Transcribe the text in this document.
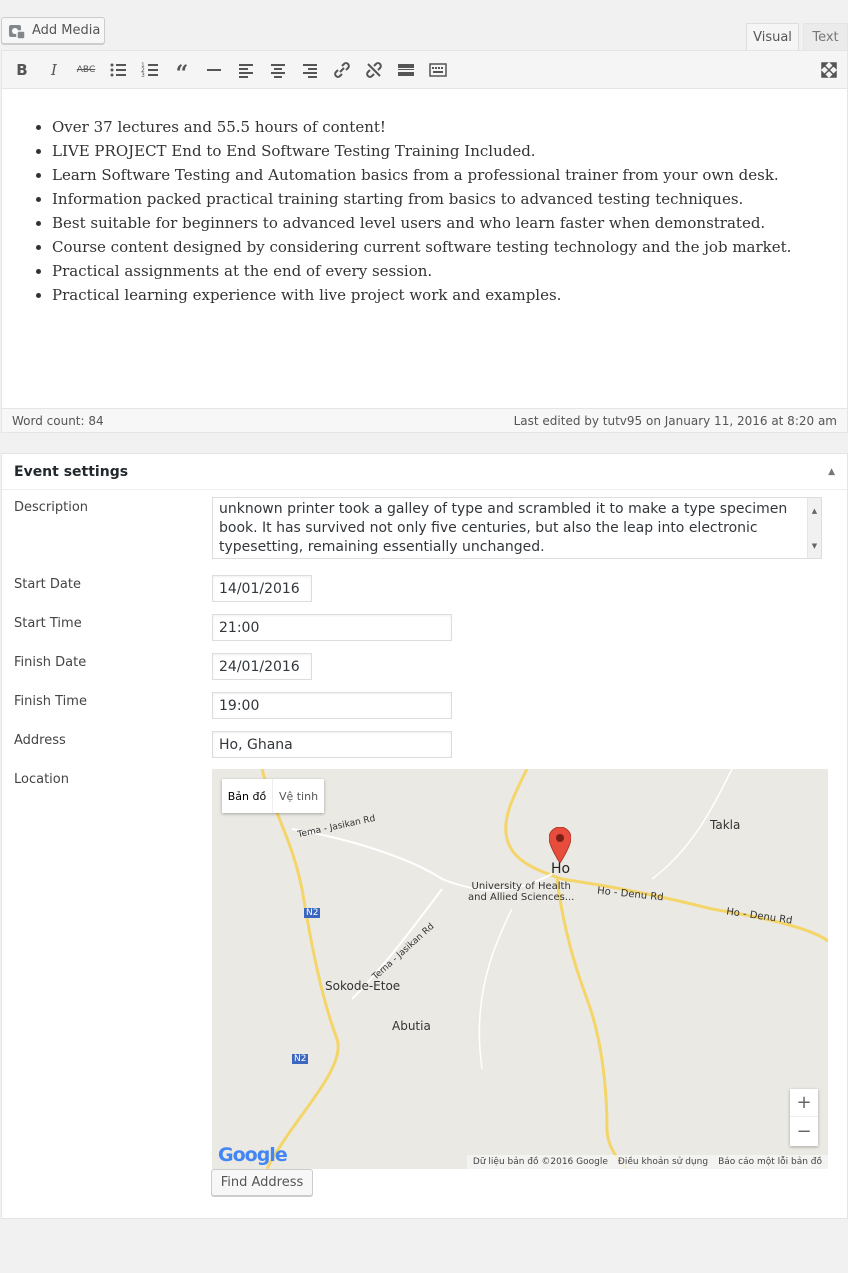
Add Media	Visual	Text
B	I	ABC	1
2
3 “
• Over 37 lectures and 55.5 hours of content!
• LIVE PROJECT End to End Software Testing Training Included.
• Learn Software Testing and Automation basics from a professional trainer from your own desk.
• Information packed practical training starting from basics to advanced testing techniques.
• Best suitable for beginners to advanced level users and who learn faster when demonstrated.
• Course content designed by considering current software testing technology and the job market.
• Practical assignments at the end of every session.
• Practical learning experience with live project work and examples.
Word count: 84	Last edited by tutv95 on January 11, 2016 at 8:20 am
Event settings	▲
Description	unknown printer took a galley of type and scrambled it to make a type specimen book. It has survived not only five centuries, but also the leap into electronic typesetting, remaining essentially unchanged.
▲
▼
Start Date	14/01/2016
Start Time	21:00
Finish Date	24/01/2016
Finish Time	19:00
Address	Ho, Ghana
Location
Bản đồ	Vệ tinh
Takla
Ho
University of Health
and Allied Sciences... Ho - Denu Rd
Ho - Denu Rd
Tema - Jasikan Rd
Tema - Jasikan Rd
N2
N2
Sokode-Etoe
Abutia
+
−
Google	Dữ liệu bản đồ ©2016 Google Điều khoản sử dụng Báo cáo một lỗi bản đồ
Find Address
